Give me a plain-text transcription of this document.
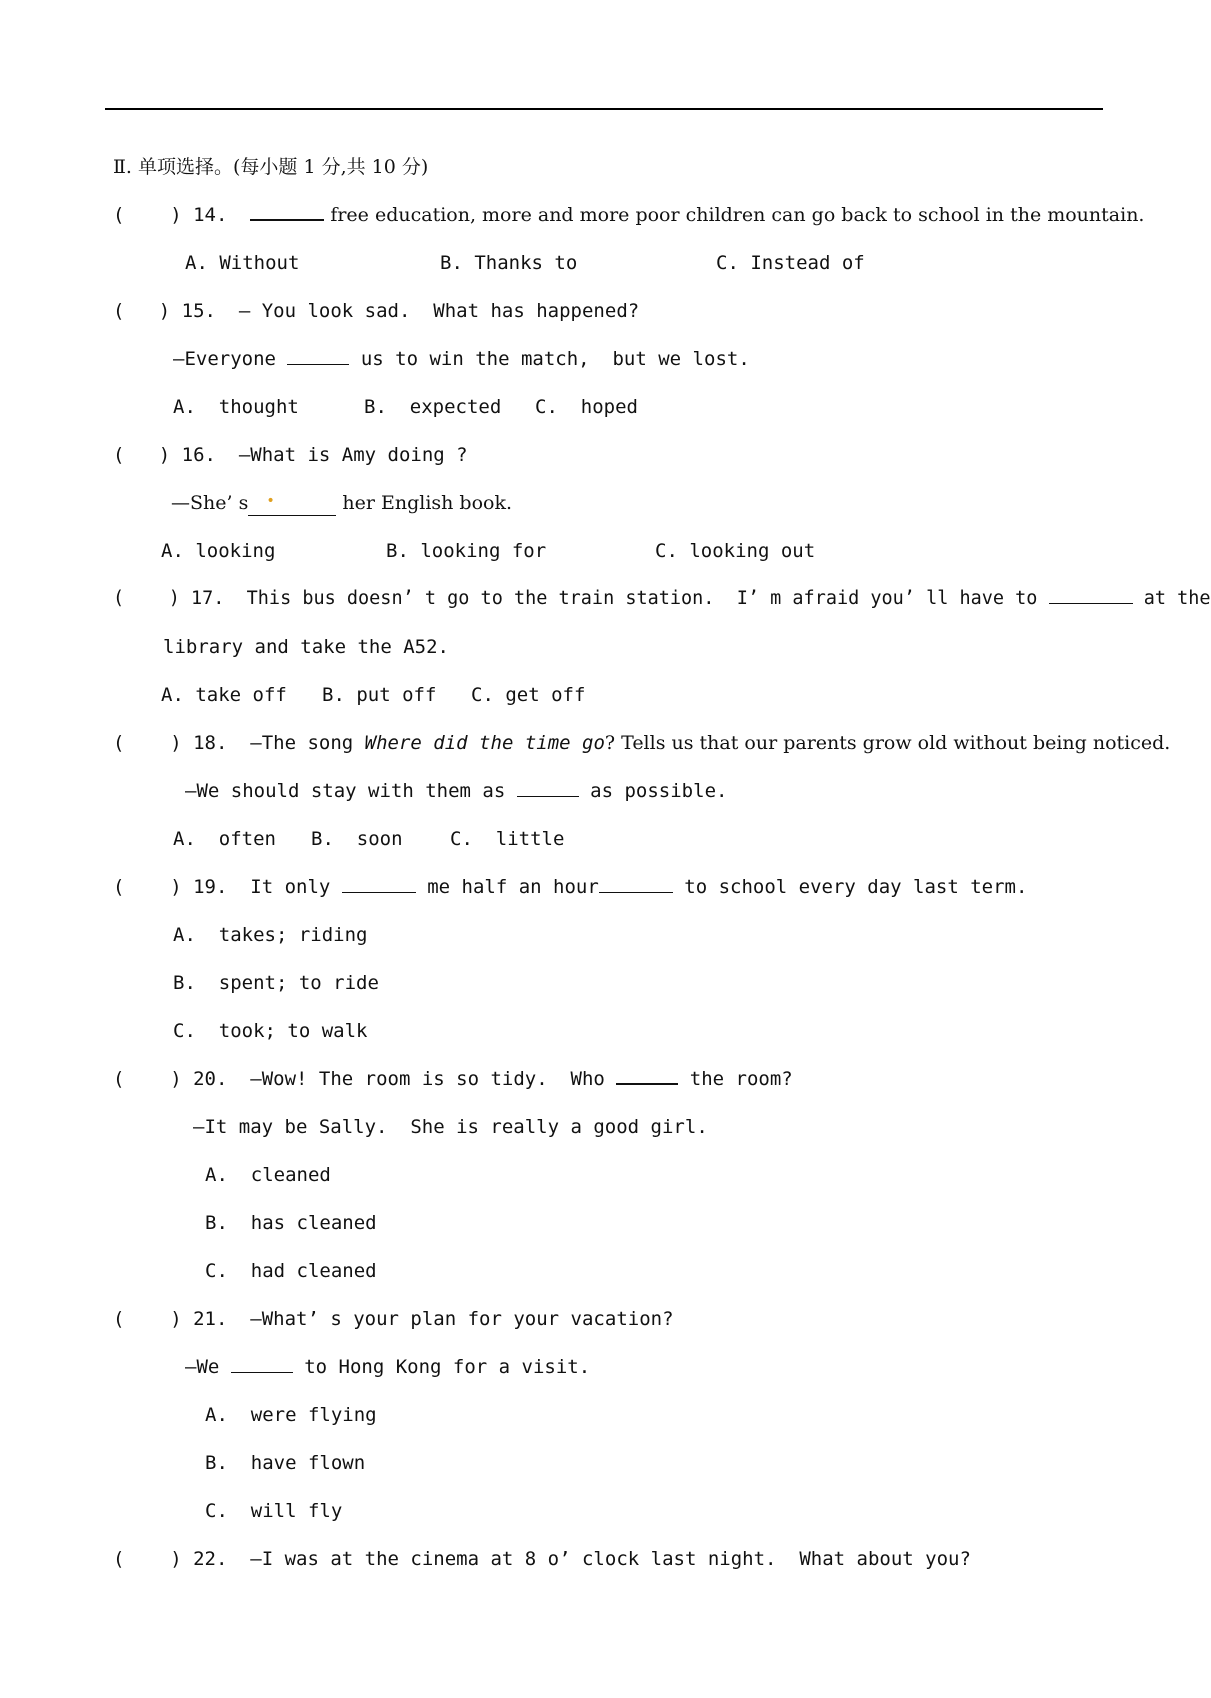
Ⅱ. 单项选择。(每小题 1 分,共 10 分)
(    ) 14.	free education, more and more poor children can go back to school in the mountain.
A. Without	B. Thanks to	C. Instead of
(   ) 15.  — You look sad.  What has happened?
—Everyone	us to win the match,  but we lost.
A.  thought	B.  expected C.  hoped
(   ) 16.  —What is Amy doing ?
—She’ s •	her English book.
A. looking	B. looking for	C. looking out
(    ) 17.  This bus doesn’ t go to the train station.  I’ m afraid you’ ll have to	at the
library and take the A52.
A. take off B. put off C. get off
(    ) 18.  —The song Where did the time go? Tells us that our parents grow old without being noticed.
—We should stay with them as	as possible.
A.  often B.  soon C.  little
(    ) 19.  It only	me half an hour	to school every day last term.
A.  takes; riding
B.  spent; to ride
C.  took; to walk
(    ) 20.  —Wow! The room is so tidy.  Who	the room?
—It may be Sally.  She is really a good girl.
A.  cleaned
B.  has cleaned
C.  had cleaned
(    ) 21.  —What’ s your plan for your vacation?
—We	to Hong Kong for a visit.
A.  were flying
B.  have flown
C.  will fly
(    ) 22.  —I was at the cinema at 8 o’ clock last night.  What about you?
